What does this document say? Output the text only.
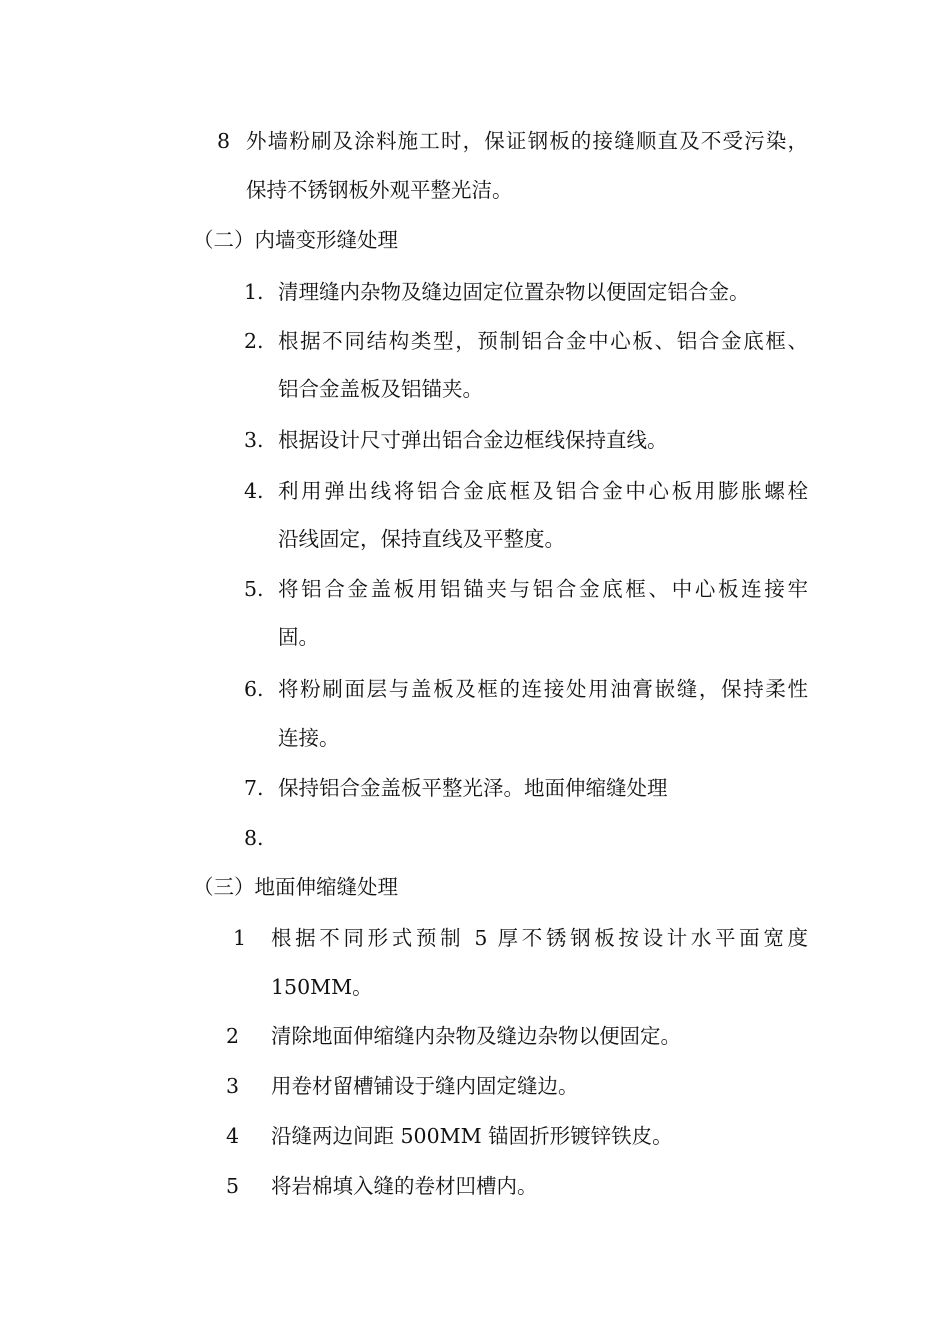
8 外墙粉刷及涂料施工时，保证钢板的接缝顺直及不受污染，
保持不锈钢板外观平整光洁。
（二）内墙变形缝处理
1. 清理缝内杂物及缝边固定位置杂物以便固定铝合金。
2. 根据不同结构类型，预制铝合金中心板、铝合金底框、
铝合金盖板及铝锚夹。
3. 根据设计尺寸弹出铝合金边框线保持直线。
4. 利用弹出线将铝合金底框及铝合金中心板用膨胀螺栓
沿线固定，保持直线及平整度。
5. 将铝合金盖板用铝锚夹与铝合金底框、中心板连接牢
固。
6. 将粉刷面层与盖板及框的连接处用油膏嵌缝，保持柔性
连接。
7. 保持铝合金盖板平整光泽。地面伸缩缝处理
8.
（三）地面伸缩缝处理
1 根据不同形式预制 5 厚不锈钢板按设计水平面宽度
150MM。
2 清除地面伸缩缝内杂物及缝边杂物以便固定。
3 用卷材留槽铺设于缝内固定缝边。
4 沿缝两边间距 500MM 锚固折形镀锌铁皮。
5 将岩棉填入缝的卷材凹槽内。
